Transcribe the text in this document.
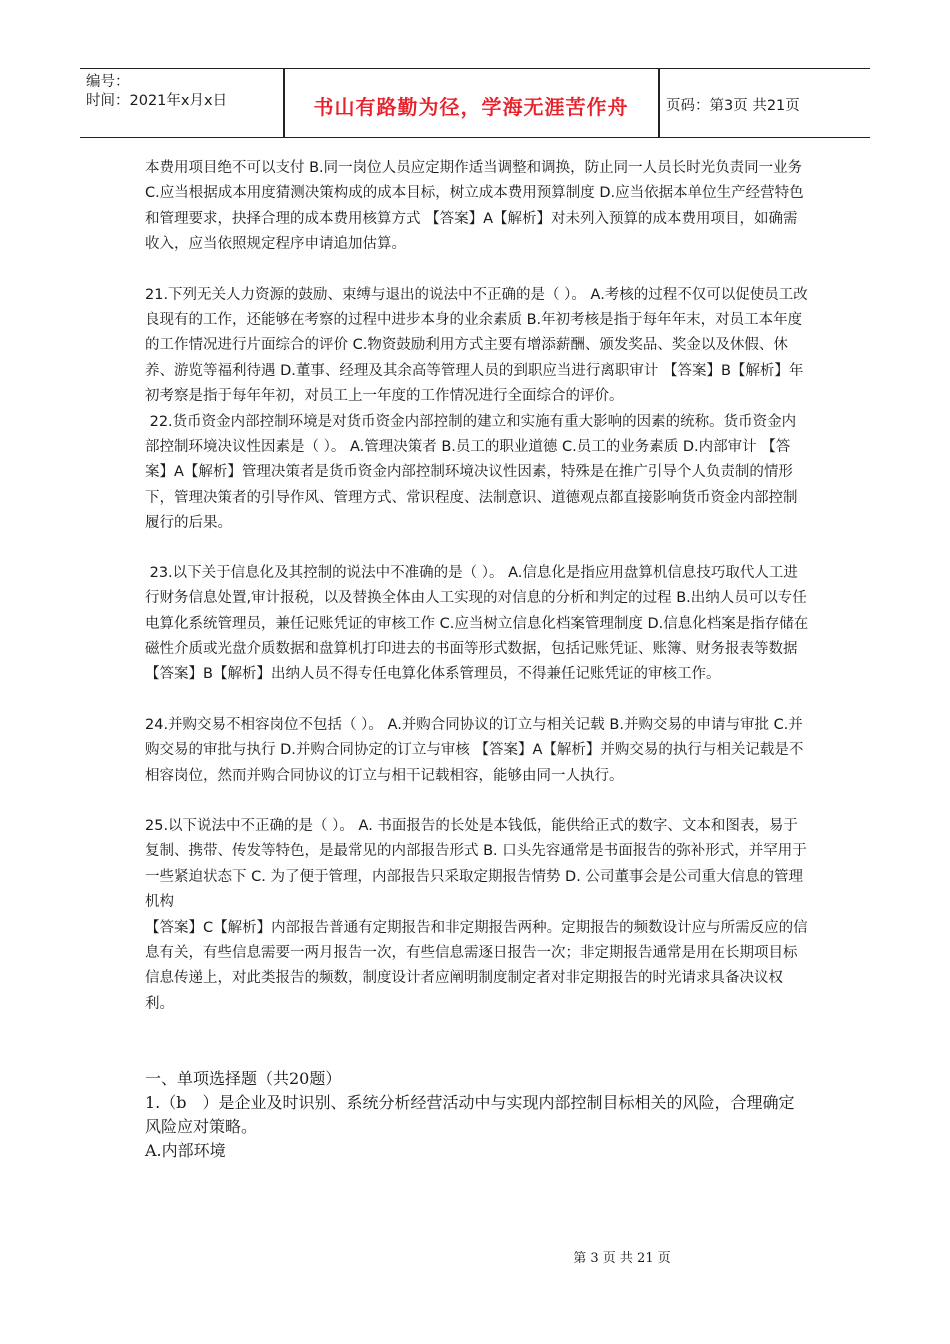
编号：
时间：2021年x月x日	书山有路勤为径，学海无涯苦作舟	页码：第3页 共21页

本费用项目绝不可以支付 B.同一岗位人员应定期作适当调整和调换，防止同一人员长时光负责同一业务 C.应当根据成本用度猜测决策构成的成本目标，树立成本费用预算制度 D.应当依据本单位生产经营特色和管理要求，抉择合理的成本费用核算方式 【答案】A【解析】对未列入预算的成本费用项目，如确需收入，应当依照规定程序申请追加估算。

21.下列无关人力资源的鼓励、束缚与退出的说法中不正确的是（ ）。 A.考核的过程不仅可以促使员工改良现有的工作，还能够在考察的过程中进步本身的业余素质 B.年初考核是指于每年年末，对员工本年度的工作情况进行片面综合的评价 C.物资鼓励利用方式主要有增添薪酬、颁发奖品、奖金以及休假、休养、游览等福利待遇 D.董事、经理及其余高等管理人员的到职应当进行离职审计 【答案】B【解析】年初考察是指于每年年初，对员工上一年度的工作情况进行全面综合的评价。

22.货币资金内部控制环境是对货币资金内部控制的建立和实施有重大影响的因素的统称。货币资金内部控制环境决议性因素是（ ）。 A.管理决策者 B.员工的职业道德 C.员工的业务素质 D.内部审计 【答案】A【解析】管理决策者是货币资金内部控制环境决议性因素，特殊是在推广引导个人负责制的情形下，管理决策者的引导作风、管理方式、常识程度、法制意识、道德观点都直接影响货币资金内部控制履行的后果。

23.以下关于信息化及其控制的说法中不准确的是（ ）。 A.信息化是指应用盘算机信息技巧取代人工进行财务信息处置,审计报税，以及替换全体由人工实现的对信息的分析和判定的过程 B.出纳人员可以专任电算化系统管理员，兼任记账凭证的审核工作 C.应当树立信息化档案管理制度 D.信息化档案是指存储在磁性介质或光盘介质数据和盘算机打印进去的书面等形式数据，包括记账凭证、账簿、财务报表等数据 【答案】B【解析】出纳人员不得专任电算化体系管理员，不得兼任记账凭证的审核工作。

24.并购交易不相容岗位不包括（ ）。 A.并购合同协议的订立与相关记载 B.并购交易的申请与审批 C.并购交易的审批与执行 D.并购合同协定的订立与审核 【答案】A【解析】并购交易的执行与相关记载是不相容岗位，然而并购合同协议的订立与相干记载相容，能够由同一人执行。

25.以下说法中不正确的是（ ）。 A. 书面报告的长处是本钱低，能供给正式的数字、文本和图表，易于复制、携带、传发等特色，是最常见的内部报告形式 B. 口头先容通常是书面报告的弥补形式，并罕用于一些紧迫状态下 C. 为了便于管理，内部报告只采取定期报告情势 D. 公司董事会是公司重大信息的管理机构

【答案】C【解析】内部报告普通有定期报告和非定期报告两种。定期报告的频数设计应与所需反应的信息有关，有些信息需要一两月报告一次，有些信息需逐日报告一次；非定期报告通常是用在长期项目标信息传递上，对此类报告的频数，制度设计者应阐明制度制定者对非定期报告的时光请求具备决议权利。

一、单项选择题（共20题）

1.（b　）是企业及时识别、系统分析经营活动中与实现内部控制目标相关的风险，合理确定风险应对策略。

A.内部环境

第 3 页 共 21 页
